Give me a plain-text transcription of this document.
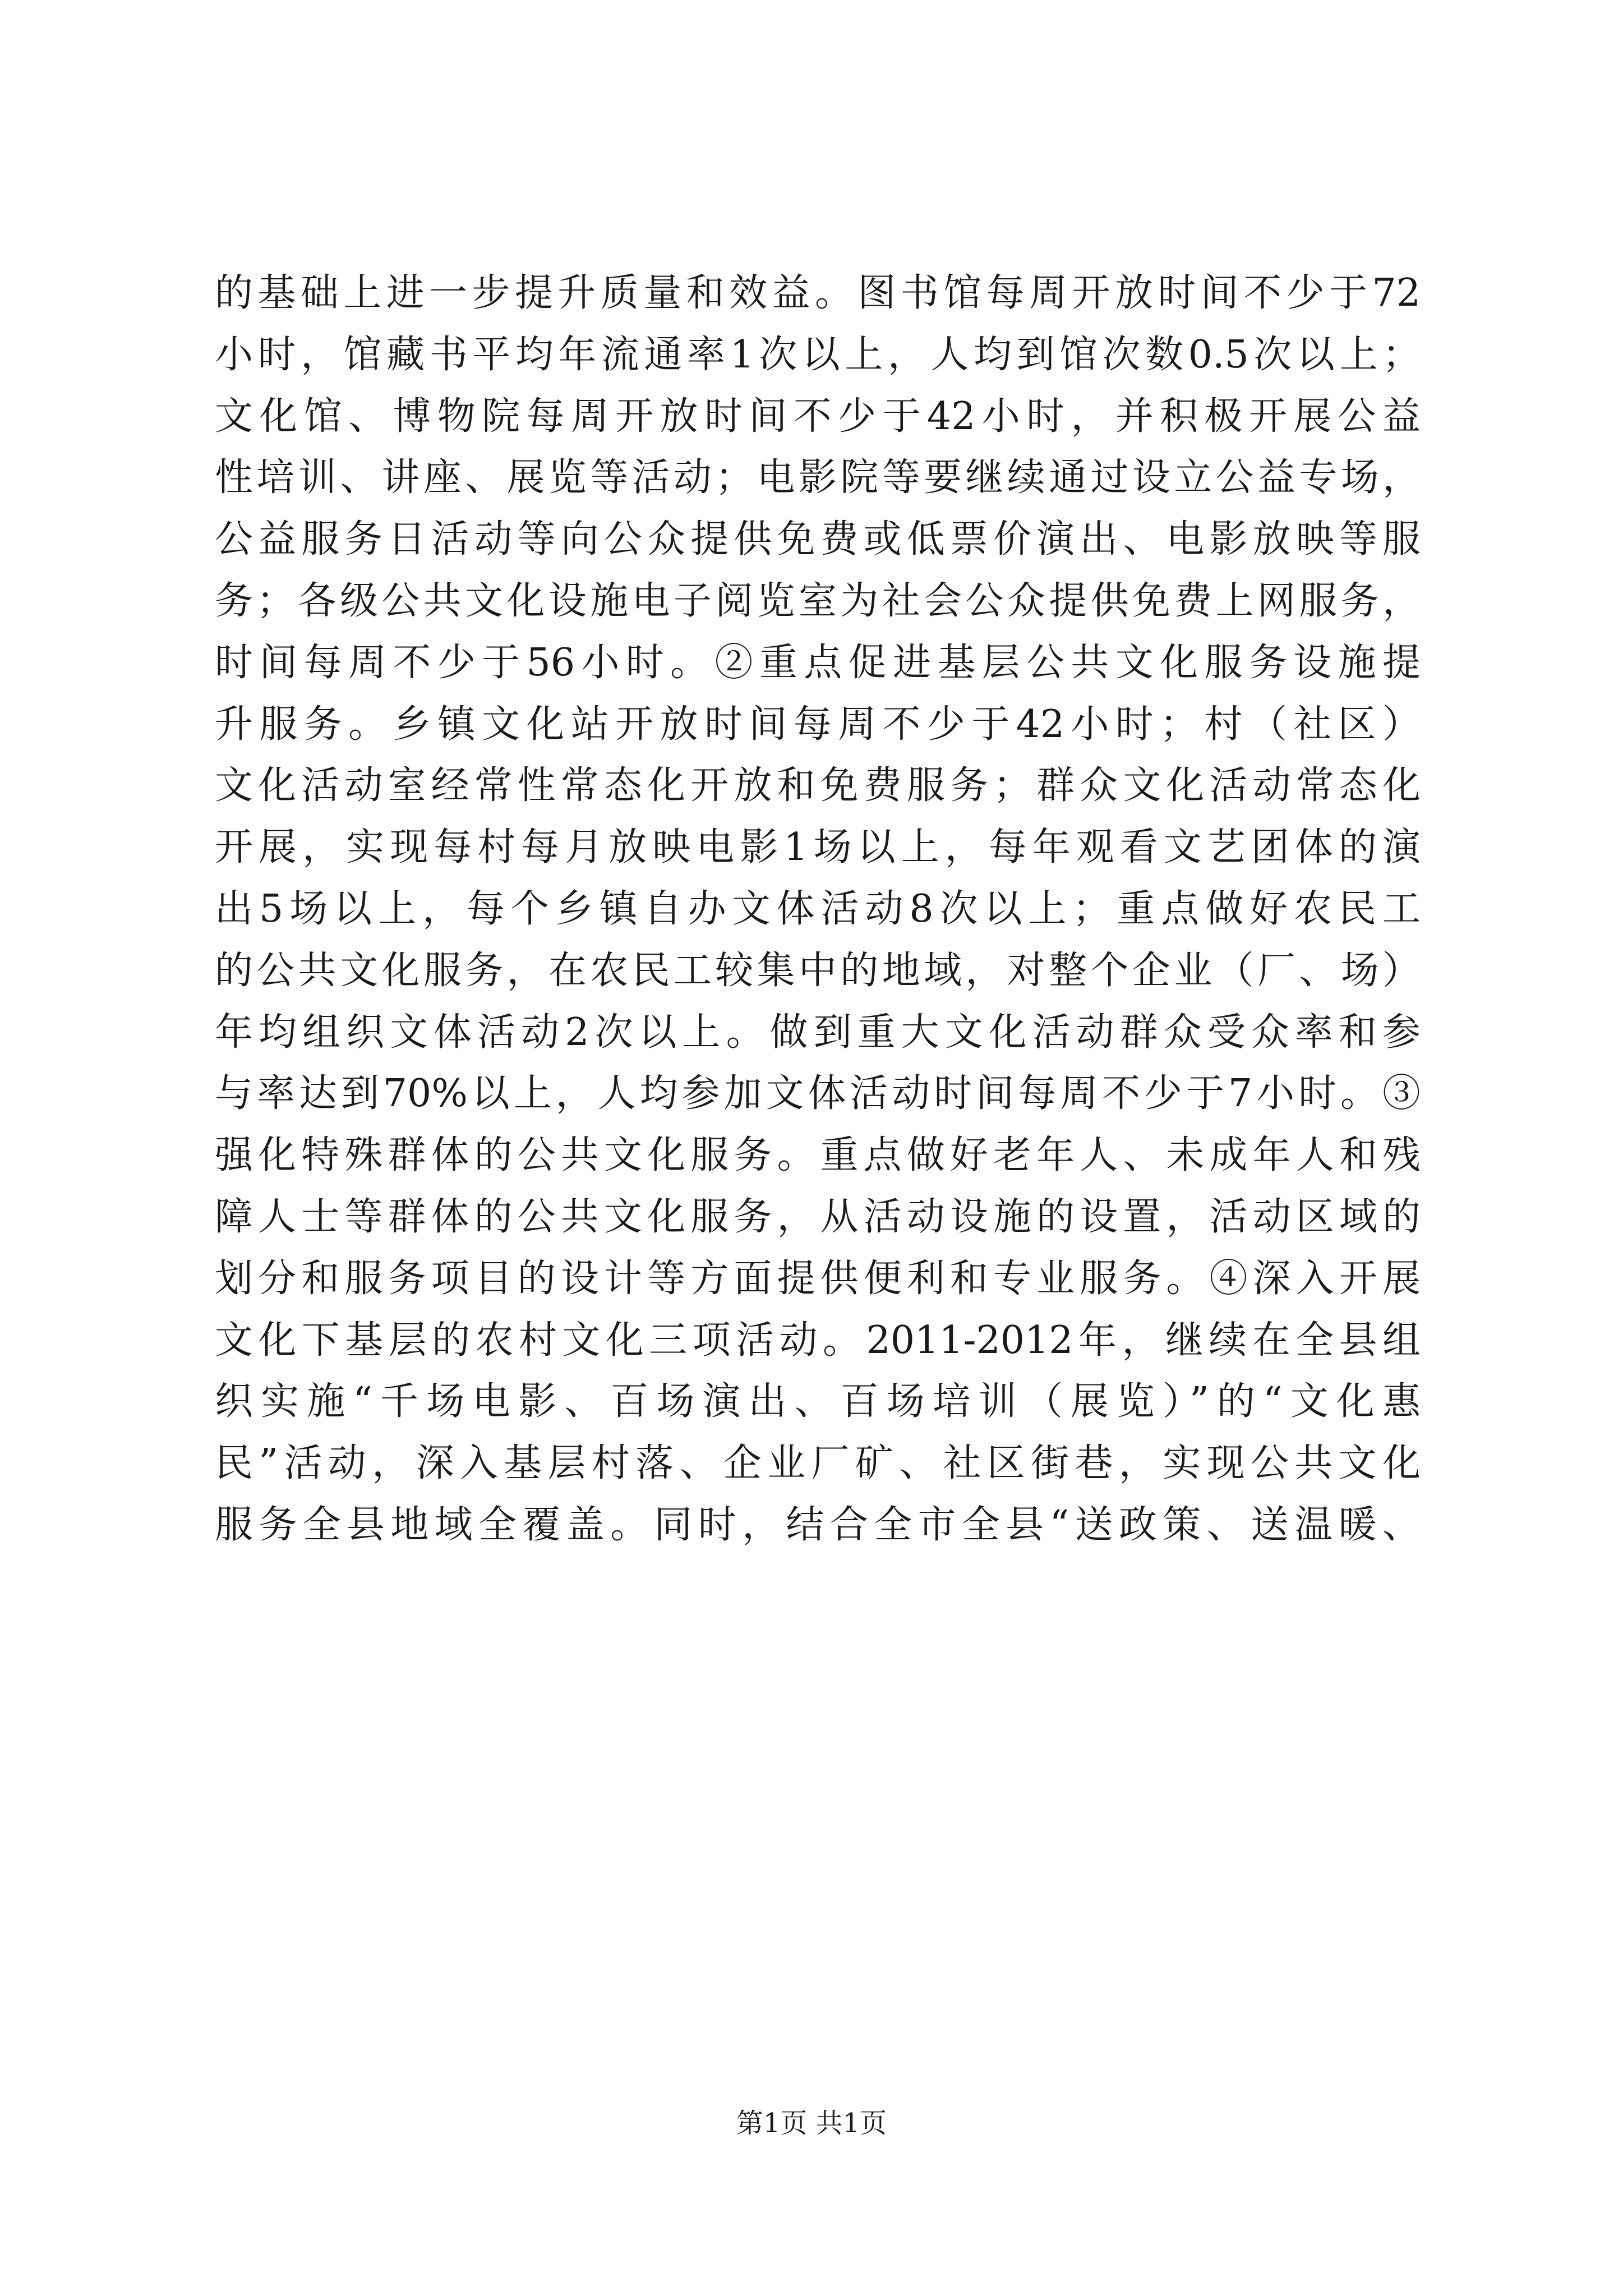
的基础上进一步提升质量和效益。图书馆每周开放时间不少于72
小时，馆藏书平均年流通率1次以上，人均到馆次数0.5次以上；
文化馆、博物院每周开放时间不少于42小时，并积极开展公益
性培训、讲座、展览等活动；电影院等要继续通过设立公益专场，
公益服务日活动等向公众提供免费或低票价演出、电影放映等服
务；各级公共文化设施电子阅览室为社会公众提供免费上网服务，
时间每周不少于56小时。②重点促进基层公共文化服务设施提
升服务。乡镇文化站开放时间每周不少于42小时；村（社区）
文化活动室经常性常态化开放和免费服务；群众文化活动常态化
开展，实现每村每月放映电影1场以上，每年观看文艺团体的演
出5场以上，每个乡镇自办文体活动8次以上；重点做好农民工
的公共文化服务，在农民工较集中的地域，对整个企业（厂、场）
年均组织文体活动2次以上。做到重大文化活动群众受众率和参
与率达到70%以上，人均参加文体活动时间每周不少于7小时。③
强化特殊群体的公共文化服务。重点做好老年人、未成年人和残
障人士等群体的公共文化服务，从活动设施的设置，活动区域的
划分和服务项目的设计等方面提供便利和专业服务。④深入开展
文化下基层的农村文化三项活动。2011-2012年，继续在全县组
织实施“千场电影、百场演出、百场培训（展览）”的“文化惠
民”活动，深入基层村落、企业厂矿、社区街巷，实现公共文化
服务全县地域全覆盖。同时，结合全市全县“送政策、送温暖、
第1页 共1页
